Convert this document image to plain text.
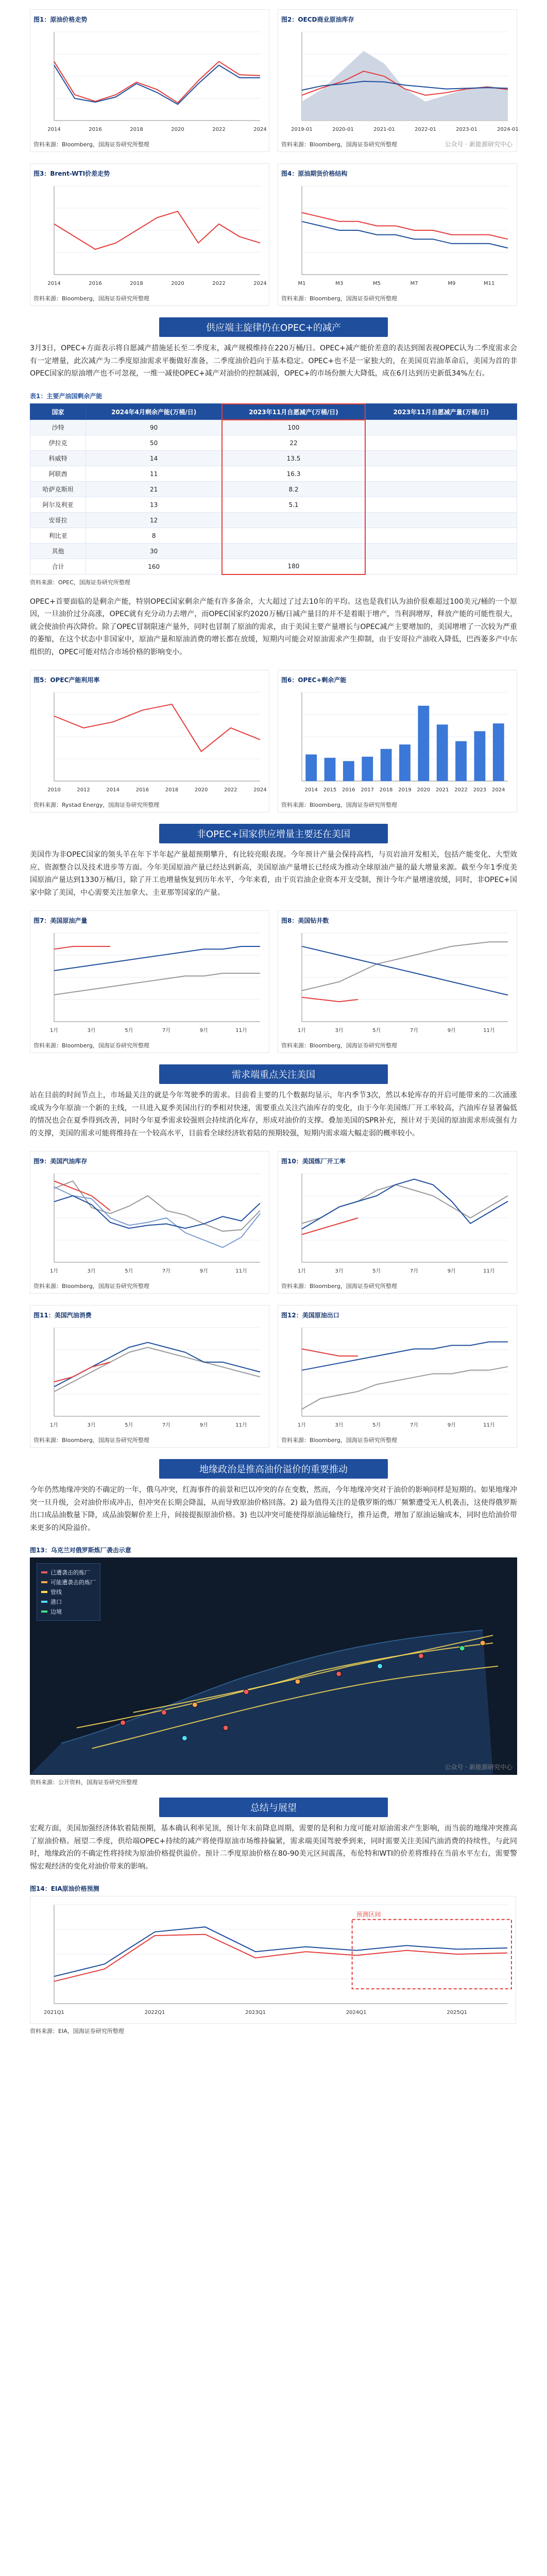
图1：原油价格走势
2014	2016	2018	2020	2022	2024
资料来源：Bloomberg，国海证券研究所整理
图2：OECD商业原油库存
2019-01	2020-01	2021-01	2022-01	2023-01	2024-01
资料来源：Bloomberg，国海证券研究所整理	公众号 · 新能源研究中心
图3：Brent-WTI价差走势
2014	2016	2018	2020	2022	2024
资料来源：Bloomberg，国海证券研究所整理
图4：原油期货价格结构
M1	M3	M5	M7	M9	M11
资料来源：Bloomberg，国海证券研究所整理
供应端主旋律仍在OPEC+的减产
3月3日，OPEC+方面表示将自愿减产措施延长至二季度末，减产规模维持在220万桶/日。OPEC+减产能价差意的表达到图表视OPEC认为二季度需求会有一定增量，此次减产为二季度原油需求平衡做好准备，二季度油价趋向于基本稳定。OPEC+也不是一家独大的，在美国页岩油革命后，美国为首的非OPEC国家的原油增产也不可忽视，一维一减使OPEC+减产对油价的控制减弱，OPEC+的市场份额大大降低，成在6月达到历史新低34%左右。
表1：主要产油国剩余产能
国家	2024年4月剩余产能(万桶/日)	2023年11月自愿减产(万桶/日)	2023年11月自愿减产量(万桶/日)
沙特	90	100	
伊拉克	50	22	
科威特	14	13.5	
阿联酋	11	16.3	
哈萨克斯坦	21	8.2	
阿尔及利亚	13	5.1	
安哥拉	12		
利比亚	8		
其他	30		
合计	160	180	
资料来源：OPEC，国海证券研究所整理
OPEC+首要面临的是剩余产能，特别OPEC国家剩余产能有许多备余，大大超过了过去10年的平均。这也是我们认为油价很难超过100美元/桶的一个原因，一旦油价过分高涨，OPEC就有充分动力去增产，而OPEC国家约2020万桶/日减产量目的并不是着眼于增产，当利润增厚，释放产能的可能性很大，就会使油价再次降价。除了OPEC冒制限速产量外，同时也冒制了原油的需求，由于美国主要产量增长与OPEC减产主要增加的，美国增增了一次较为严重的萎缩，在这个状态中非国家中，原油产量和原油消费的增长都在放缓，短期内可能会对原油需求产生抑制，由于安哥拉产油收入降低，巴西萎多产中东组织的，OPEC可能对结合市场价格的影响变小。
图5：OPEC产能利用率
2010	2012	2014	2016	2018	2020	2022	2024
资料来源：Rystad Energy，国海证券研究所整理
图6：OPEC+剩余产能
2014 2015 2016 2017 2018 2019 2020 2021 2022 2023 2024
资料来源：Bloomberg，国海证券研究所整理
非OPEC+国家供应增量主要还在美国
美国作为非OPEC国家的领头羊在年下半年起产量超预期攀升，有比较亮眼表现。今年预计产量会保持高档，与页岩油开发相关，包括产能变化、大型效应、资源整合以及技术进步等方面。今年美国原油产量已经达到新高，美国原油产量增长已经成为推动全球原油产量的最大增量来源。截至今年1季度美国原油产量达到1330万桶/日，除了开工也增量恢复到历年水平，今年来看，由于页岩油企业资本开支受制，预计今年产量增速放缓，同时，非OPEC+国家中除了美国，中心需要关注加拿大、圭亚那等国家的产量。
图7：美国原油产量
1月	3月	5月	7月	9月	11月
资料来源：Bloomberg，国海证券研究所整理
图8：美国钻井数
1月	3月	5月	7月	9月	11月
资料来源：Bloomberg，国海证券研究所整理
需求端重点关注美国
站在目前的时间节点上，市场最关注的就是今年驾驶季的需求。目前看主要的几个数据均显示，年内季节3次，然以本轮库存的开启可能带来的二次涌涨或成为今年原油一个新的主线，一旦进入夏季美国出行的季相对快速，需要重点关注汽油库存的变化，由于今年美国炼厂开工率较高，汽油库存显著偏低的情况也会在夏季得到改善，同时今年夏季需求较强则会持续消化库存，形成对油价的支撑。叠加美国的SPR补充，预计对于美国的原油需求形成强有力的支撑，美国的需求可能将维持在一个较高水平，目前看全球经济软着陆的预期较强，短期内需求端大幅走弱的概率较小。
图9：美国汽油库存
1月	3月	5月	7月	9月	11月
资料来源：Bloomberg，国海证券研究所整理
图10：美国炼厂开工率
1月	3月	5月	7月	9月	11月
资料来源：Bloomberg，国海证券研究所整理
图11：美国汽油消费
1月	3月	5月	7月	9月	11月
资料来源：Bloomberg，国海证券研究所整理
图12：美国原油出口
1月	3月	5月	7月	9月	11月
资料来源：Bloomberg，国海证券研究所整理
地缘政治是推高油价溢价的重要推动
今年仍然地缘冲突的不确定的一年，俄乌冲突，红海事件的前景和巴以冲突的存在变数，然而，今年地缘冲突对于油价的影响同样是短期的。如果地缘冲突一旦升级，会对油价形成冲击，但冲突在长期会降温，从而导致原油价格回落。2) 最为值得关注的是俄罗斯的炼厂频繁遭受无人机袭击，这使得俄罗斯出口成品油数量下降，成品油裂解价差上升，间接提振原油价格。3) 也以冲突可能使得原油运输绕行，推升运费，增加了原油运输成本，同时也给油价带来更多的风险溢价。
图13：乌克兰对俄罗斯炼厂袭击示意
已遭袭击的炼厂
可能遭袭击的炼厂
管线
港口
边境
公众号 · 新能源研究中心
资料来源：公开资料，国海证券研究所整理
总结与展望
宏观方面，美国加强经济体软着陆预期，基本确认利率见顶，预计年末前降息周期，需要的是利和力度可能对原油需求产生影响，而当前的地缘冲突推高了原油价格。展望二季度，供给端OPEC+持续的减产将使得原油市场维持偏紧，需求端美国驾驶季到来，同时需要关注美国汽油消费的持续性，与此同时，地缘政治的不确定性将持续为原油价格提供溢价。预计二季度原油价格在80-90美元区间震荡，布伦特和WTI的价差将维持在当前水平左右，需要警惕宏观经济的变化对油价带来的影响。
图14：EIA原油价格预测
2021Q1	2022Q1	2023Q1	2024Q1	2025Q1
预测区间
资料来源：EIA，国海证券研究所整理
